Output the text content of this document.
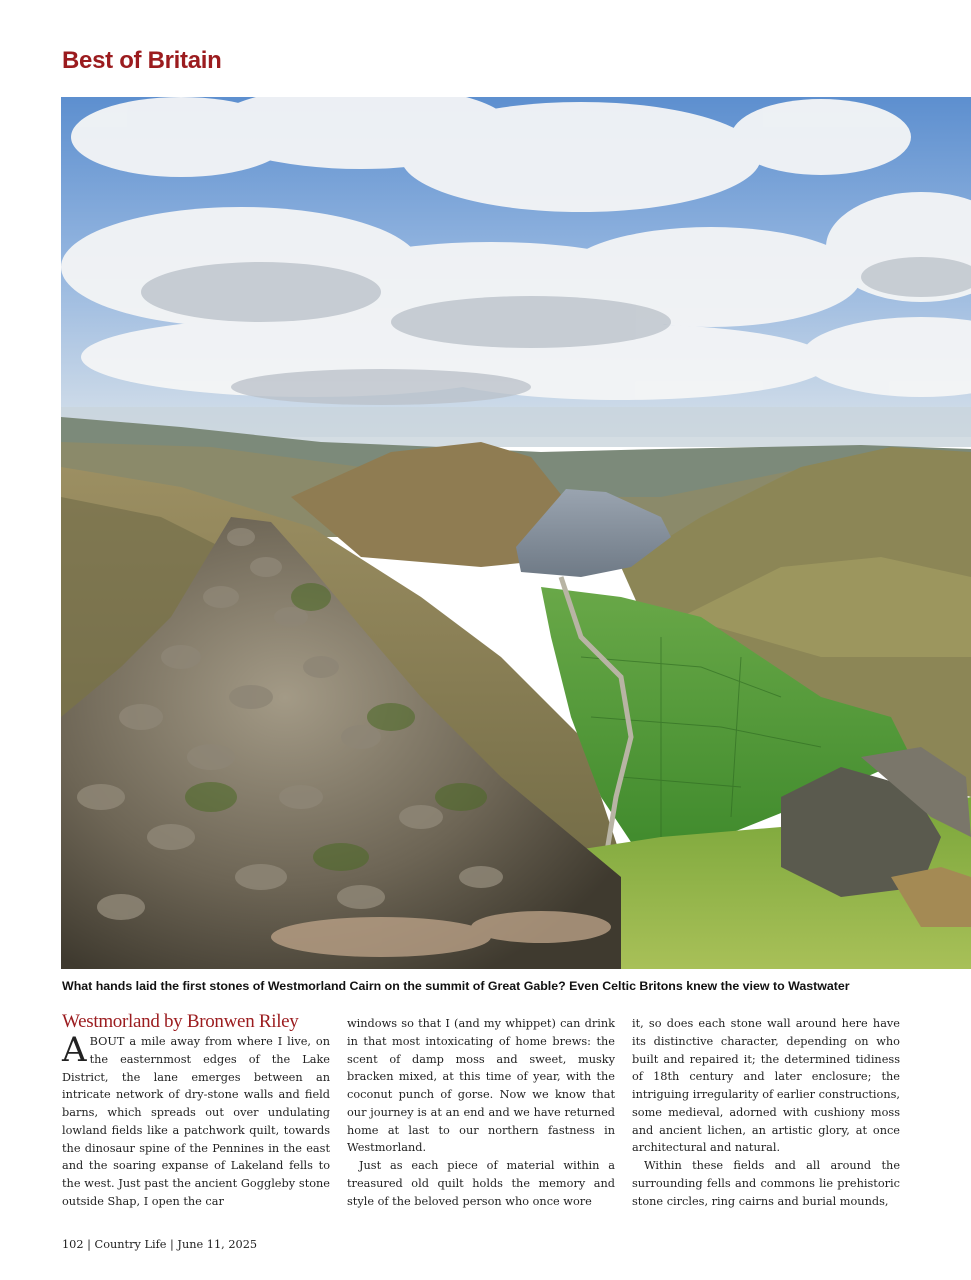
Best of Britain
What hands laid the first stones of Westmorland Cairn on the summit of Great Gable? Even Celtic Britons knew the view to Wastwater
Westmorland by Bronwen Riley

ABOUT a mile away from where I live, on the easternmost edges of the Lake District, the lane emerges between an intricate network of dry-stone walls and field barns, which spreads out over undulating lowland fields like a patchwork quilt, towards the dinosaur spine of the Pennines in the east and the soaring expanse of Lakeland fells to the west. Just past the ancient Goggleby stone outside Shap, I open the car

windows so that I (and my whippet) can drink in that most intoxicating of home brews: the scent of damp moss and sweet, musky bracken mixed, at this time of year, with the coconut punch of gorse. Now we know that our journey is at an end and we have returned home at last to our northern fastness in Westmorland.

Just as each piece of material within a treasured old quilt holds the memory and style of the beloved person who once wore

it, so does each stone wall around here have its distinctive character, depending on who built and repaired it; the determined tidiness of 18th century and later enclosure; the intriguing irregularity of earlier constructions, some medieval, adorned with cushiony moss and ancient lichen, an artistic glory, at once architectural and natural.

Within these fields and all around the surrounding fells and commons lie prehistoric stone circles, ring cairns and burial mounds,

102 | Country Life | June 11, 2025
